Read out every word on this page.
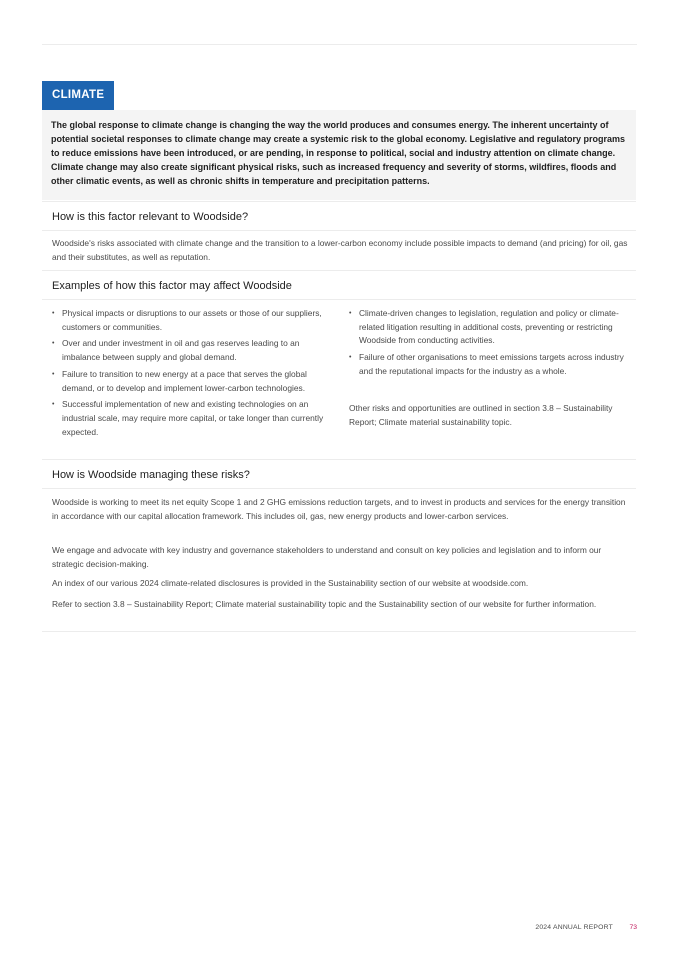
CLIMATE
The global response to climate change is changing the way the world produces and consumes energy. The inherent uncertainty of potential societal responses to climate change may create a systemic risk to the global economy. Legislative and regulatory programs to reduce emissions have been introduced, or are pending, in response to political, social and industry attention on climate change. Climate change may also create significant physical risks, such as increased frequency and severity of storms, wildfires, floods and other climatic events, as well as chronic shifts in temperature and precipitation patterns.
How is this factor relevant to Woodside?
Woodside's risks associated with climate change and the transition to a lower-carbon economy include possible impacts to demand (and pricing) for oil, gas and their substitutes, as well as reputation.
Examples of how this factor may affect Woodside
• Physical impacts or disruptions to our assets or those of our suppliers, customers or communities.
• Over and under investment in oil and gas reserves leading to an imbalance between supply and global demand.
• Failure to transition to new energy at a pace that serves the global demand, or to develop and implement lower-carbon technologies.
• Successful implementation of new and existing technologies on an industrial scale, may require more capital, or take longer than currently expected.
• Climate-driven changes to legislation, regulation and policy or climate-related litigation resulting in additional costs, preventing or restricting Woodside from conducting activities.
• Failure of other organisations to meet emissions targets across industry and the reputational impacts for the industry as a whole.
Other risks and opportunities are outlined in section 3.8 – Sustainability Report; Climate material sustainability topic.
How is Woodside managing these risks?
Woodside is working to meet its net equity Scope 1 and 2 GHG emissions reduction targets, and to invest in products and services for the energy transition in accordance with our capital allocation framework. This includes oil, gas, new energy products and lower-carbon services.
We engage and advocate with key industry and governance stakeholders to understand and consult on key policies and legislation and to inform our strategic decision-making.
An index of our various 2024 climate-related disclosures is provided in the Sustainability section of our website at woodside.com.
Refer to section 3.8 – Sustainability Report; Climate material sustainability topic and the Sustainability section of our website for further information.
2024 ANNUAL REPORT 73
